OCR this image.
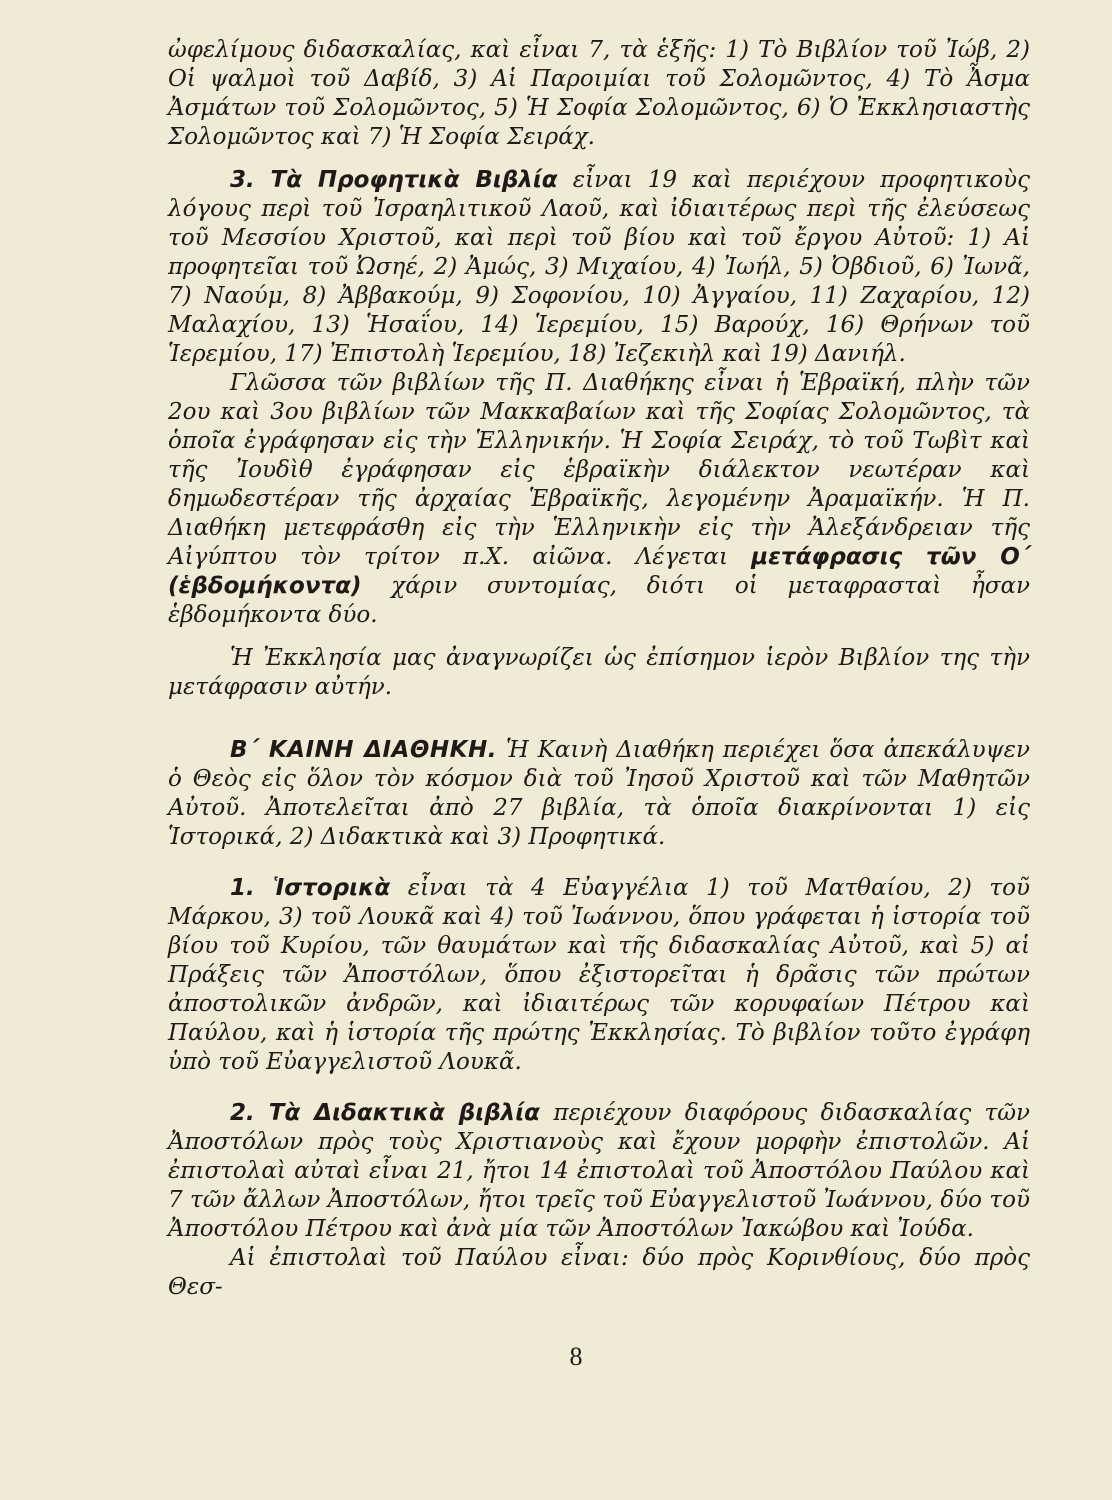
ὠφελίμους διδασκαλίας, καὶ εἶναι 7, τὰ ἑξῆς: 1) Τὸ Βιβλίον τοῦ Ἰώβ, 2) Οἱ ψαλμοὶ τοῦ Δαβίδ, 3) Αἱ Παροιμίαι τοῦ Σολομῶντος, 4) Τὸ Ἆσμα Ἀσμάτων τοῦ Σολομῶντος, 5) Ἡ Σοφία Σολομῶντος, 6) Ὁ Ἐκκλησιαστὴς Σολομῶντος καὶ 7) Ἡ Σοφία Σειράχ.

3. Τὰ Προφητικὰ Βιβλία εἶναι 19 καὶ περιέχουν προφητικοὺς λόγους περὶ τοῦ Ἰσραηλιτικοῦ Λαοῦ, καὶ ἰδιαιτέρως περὶ τῆς ἐλεύσεως τοῦ Μεσσίου Χριστοῦ, καὶ περὶ τοῦ βίου καὶ τοῦ ἔργου Αὐτοῦ: 1) Αἱ προφητεῖαι τοῦ Ὠσηέ, 2) Ἀμώς, 3) Μιχαίου, 4) Ἰωήλ, 5) Ὀβδιοῦ, 6) Ἰωνᾶ, 7) Ναούμ, 8) Ἀββακούμ, 9) Σοφονίου, 10) Ἀγγαίου, 11) Ζαχαρίου, 12) Μαλαχίου, 13) Ἡσαΐου, 14) Ἱερεμίου, 15) Βαρούχ, 16) Θρήνων τοῦ Ἱερεμίου, 17) Ἐπιστολὴ Ἱερεμίου, 18) Ἰεζεκιὴλ καὶ 19) Δανιήλ.

Γλῶσσα τῶν βιβλίων τῆς Π. Διαθήκης εἶναι ἡ Ἑβραϊκή, πλὴν τῶν 2ου καὶ 3ου βιβλίων τῶν Μακκαβαίων καὶ τῆς Σοφίας Σολομῶντος, τὰ ὁποῖα ἐγράφησαν εἰς τὴν Ἑλληνικήν. Ἡ Σοφία Σειράχ, τὸ τοῦ Τωβὶτ καὶ τῆς Ἰουδὶθ ἐγράφησαν εἰς ἑβραϊκὴν διάλεκτον νεωτέραν καὶ δημωδεστέραν τῆς ἀρχαίας Ἑβραϊκῆς, λεγομένην Ἀραμαϊκήν. Ἡ Π. Διαθήκη μετεφράσθη εἰς τὴν Ἑλληνικὴν εἰς τὴν Ἀλεξάνδρειαν τῆς Αἰγύπτου τὸν τρίτον π.Χ. αἰῶνα. Λέγεται μετάφρασις τῶν Ο΄ (ἑβδομήκοντα) χάριν συντομίας, διότι οἱ μεταφρασταὶ ἦσαν ἑβδομήκοντα δύο.

Ἡ Ἐκκλησία μας ἀναγνωρίζει ὡς ἐπίσημον ἱερὸν Βιβλίον της τὴν μετάφρασιν αὐτήν.

Β΄ ΚΑΙΝΗ ΔΙΑΘΗΚΗ. Ἡ Καινὴ Διαθήκη περιέχει ὅσα ἀπεκάλυψεν ὁ Θεὸς εἰς ὅλον τὸν κόσμον διὰ τοῦ Ἰησοῦ Χριστοῦ καὶ τῶν Μαθητῶν Αὐτοῦ. Ἀποτελεῖται ἀπὸ 27 βιβλία, τὰ ὁποῖα διακρίνονται 1) εἰς Ἱστορικά, 2) Διδακτικὰ καὶ 3) Προφητικά.

1. Ἱστορικὰ εἶναι τὰ 4 Εὐαγγέλια 1) τοῦ Ματθαίου, 2) τοῦ Μάρκου, 3) τοῦ Λουκᾶ καὶ 4) τοῦ Ἰωάννου, ὅπου γράφεται ἡ ἱστορία τοῦ βίου τοῦ Κυρίου, τῶν θαυμάτων καὶ τῆς διδασκαλίας Αὐτοῦ, καὶ 5) αἱ Πράξεις τῶν Ἀποστόλων, ὅπου ἐξιστορεῖται ἡ δρᾶσις τῶν πρώτων ἀποστολικῶν ἀνδρῶν, καὶ ἰδιαιτέρως τῶν κορυφαίων Πέτρου καὶ Παύλου, καὶ ἡ ἱστορία τῆς πρώτης Ἐκκλησίας. Τὸ βιβλίον τοῦτο ἐγράφη ὑπὸ τοῦ Εὐαγγελιστοῦ Λουκᾶ.

2. Τὰ Διδακτικὰ βιβλία περιέχουν διαφόρους διδασκαλίας τῶν Ἀποστόλων πρὸς τοὺς Χριστιανοὺς καὶ ἔχουν μορφὴν ἐπιστολῶν. Αἱ ἐπιστολαὶ αὐταὶ εἶναι 21, ἤτοι 14 ἐπιστολαὶ τοῦ Ἀποστόλου Παύλου καὶ 7 τῶν ἄλλων Ἀποστόλων, ἤτοι τρεῖς τοῦ Εὐαγγελιστοῦ Ἰωάννου, δύο τοῦ Ἀποστόλου Πέτρου καὶ ἀνὰ μία τῶν Ἀποστόλων Ἰακώβου καὶ Ἰούδα.

Αἱ ἐπιστολαὶ τοῦ Παύλου εἶναι: δύο πρὸς Κορινθίους, δύο πρὸς Θεσ-

8
